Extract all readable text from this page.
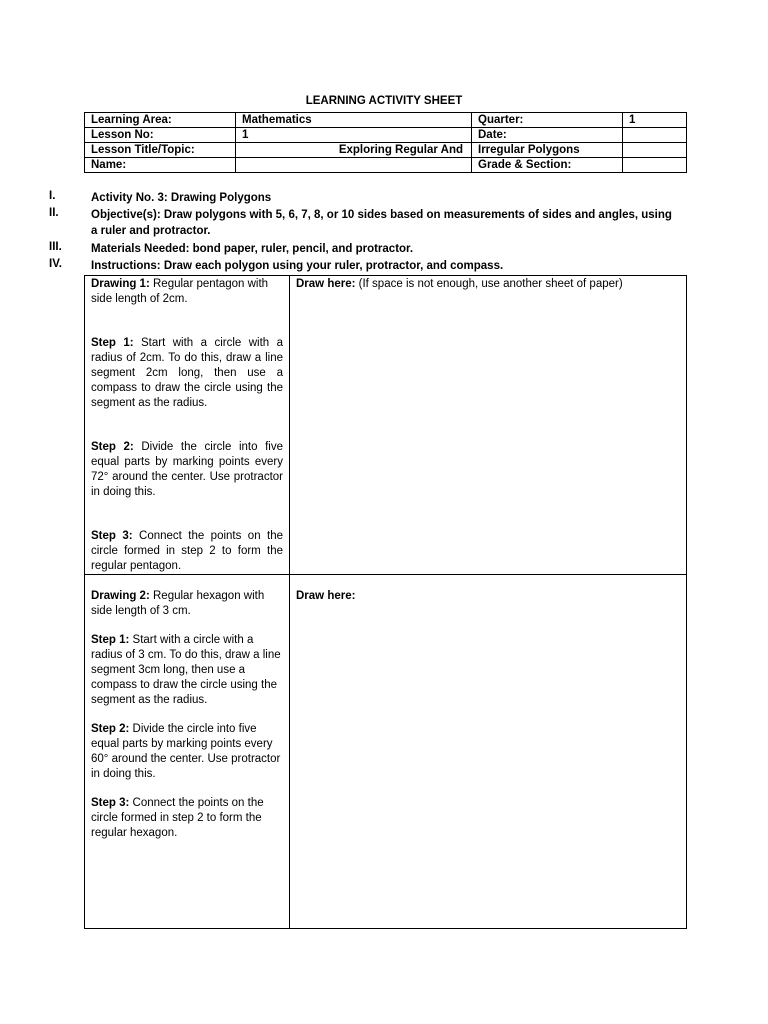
LEARNING ACTIVITY SHEET
Learning Area:	Mathematics	Quarter:	1
Lesson No:	1	Date:	
Lesson Title/Topic:	Exploring Regular And	Irregular Polygons	
Name:		Grade & Section:	
I.	Activity No. 3: Drawing Polygons
II.	Objective(s): Draw polygons with 5, 6, 7, 8, or 10 sides based on measurements of sides and angles, using a ruler and protractor.
III.	Materials Needed: bond paper, ruler, pencil, and protractor.
IV.	Instructions: Draw each polygon using your ruler, protractor, and compass.
Drawing 1: Regular pentagon with side length of 2cm.
Step 1: Start with a circle with a radius of 2cm. To do this, draw a line segment 2cm long, then use a compass to draw the circle using the segment as the radius.
Step 2: Divide the circle into five equal parts by marking points every 72° around the center. Use protractor in doing this.
Step 3: Connect the points on the circle formed in step 2 to form the regular pentagon.	Draw here: (If space is not enough, use another sheet of paper)

Drawing 2: Regular hexagon with side length of 3 cm.
Step 1: Start with a circle with a radius of 3 cm. To do this, draw a line segment 3cm long, then use a compass to draw the circle using the segment as the radius.
Step 2: Divide the circle into five equal parts by marking points every 60° around the center. Use protractor in doing this.
Step 3: Connect the points on the circle formed in step 2 to form the regular hexagon.	Draw here:
